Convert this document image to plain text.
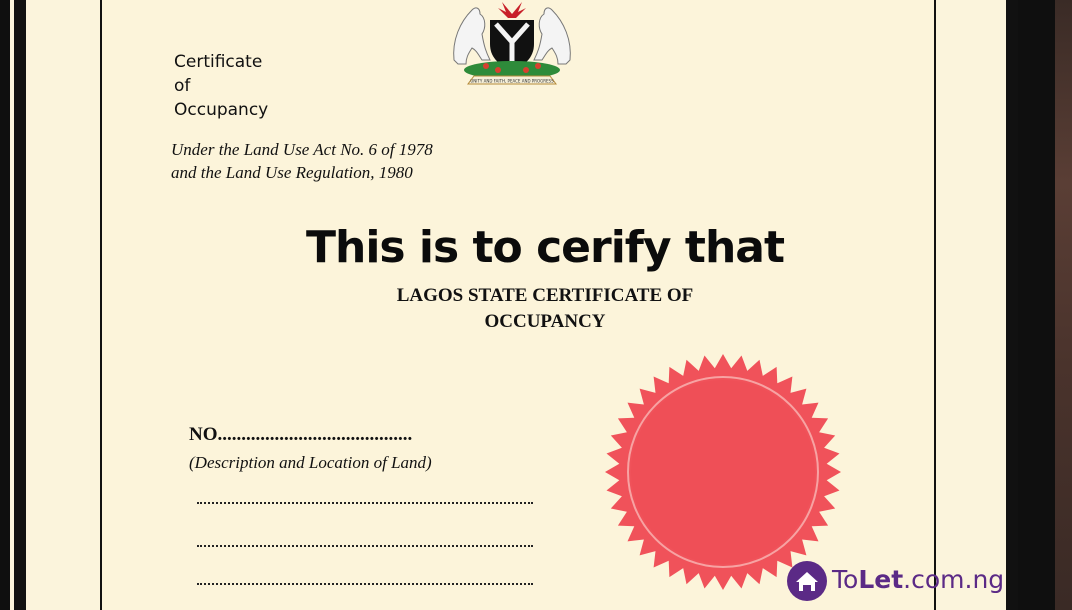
UNITY AND FAITH, PEACE AND PROGRESS
Certificate
of
Occupancy
Under the Land Use Act No. 6 of 1978
and the Land Use Regulation, 1980
This is to cerify that
LAGOS STATE CERTIFICATE OF
OCCUPANCY
NO.........................................
(Description and Location of Land)
ToLet.com.ng
